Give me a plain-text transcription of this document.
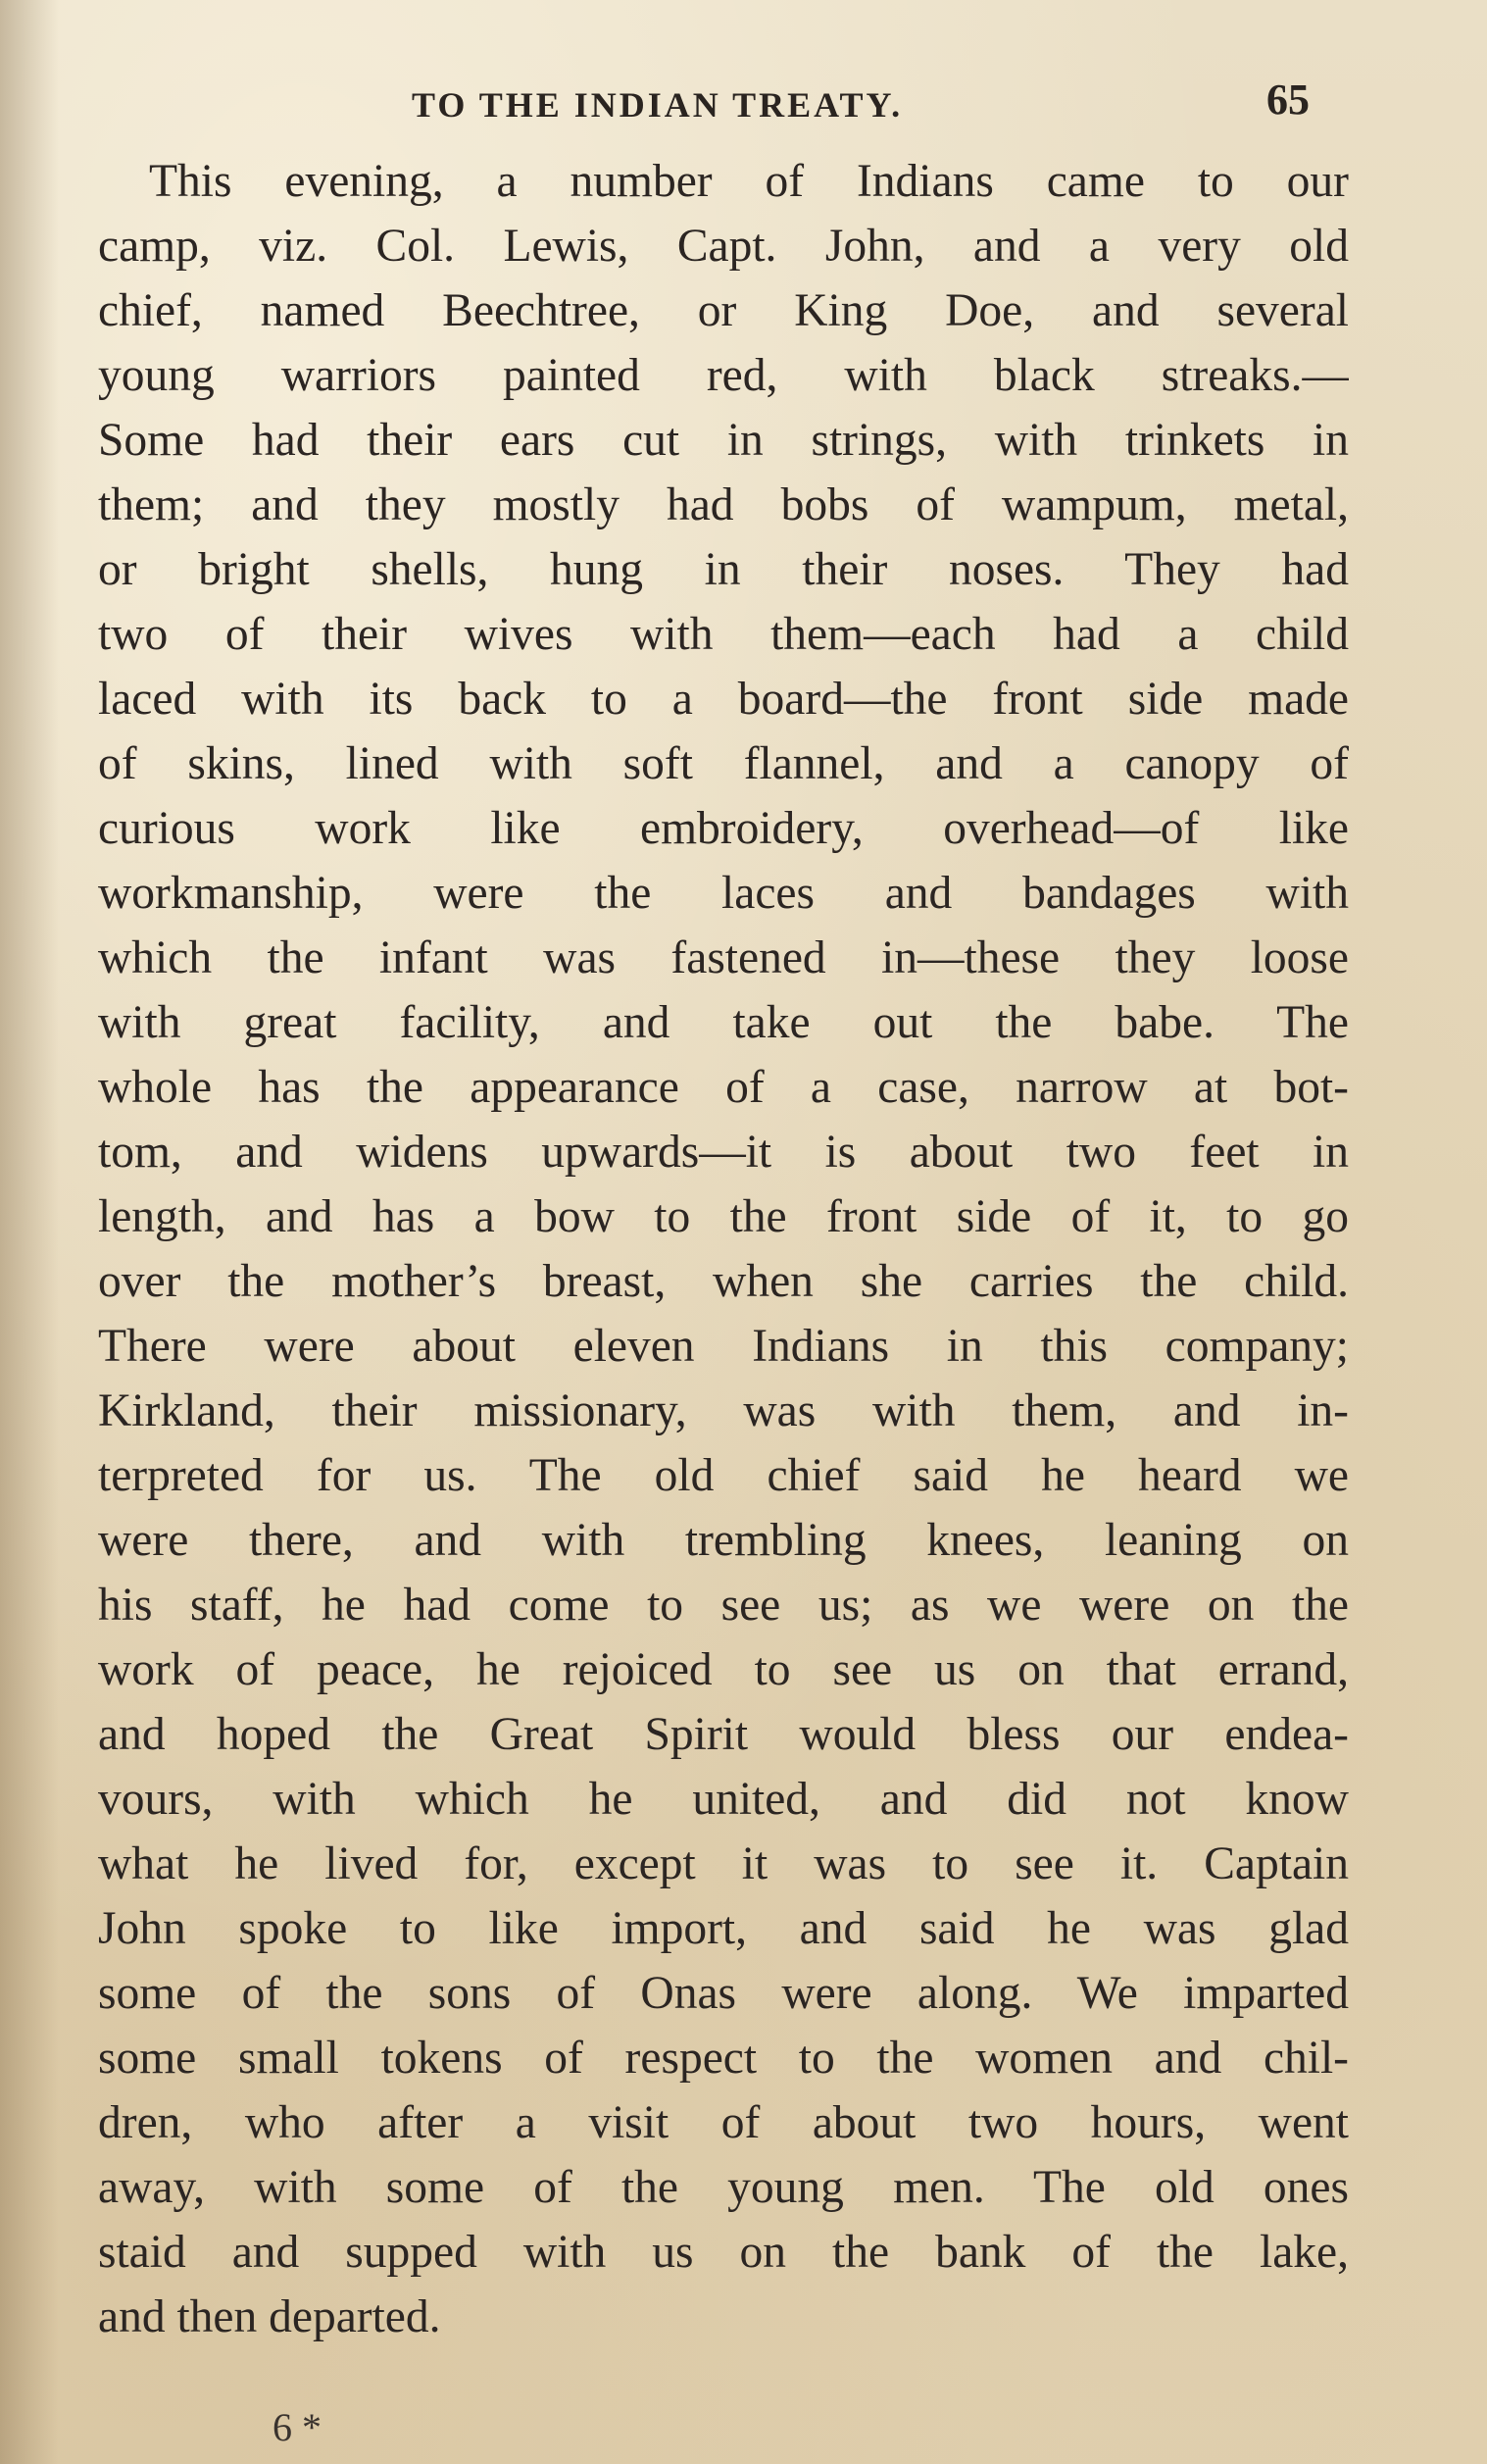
TO THE INDIAN TREATY.	65
This evening, a number of Indians came to our
camp, viz. Col. Lewis, Capt. John, and a very old
chief, named Beechtree, or King Doe, and several
young warriors painted red, with black streaks.—
Some had their ears cut in strings, with trinkets in
them; and they mostly had bobs of wampum, metal,
or bright shells, hung in their noses. They had
two of their wives with them—each had a child
laced with its back to a board—the front side made
of skins, lined with soft flannel, and a canopy of
curious work like embroidery, overhead—of like
workmanship, were the laces and bandages with
which the infant was fastened in—these they loose
with great facility, and take out the babe. The
whole has the appearance of a case, narrow at bot-
tom, and widens upwards—it is about two feet in
length, and has a bow to the front side of it, to go
over the mother’s breast, when she carries the child.
There were about eleven Indians in this company;
Kirkland, their missionary, was with them, and in-
terpreted for us. The old chief said he heard we
were there, and with trembling knees, leaning on
his staff, he had come to see us; as we were on the
work of peace, he rejoiced to see us on that errand,
and hoped the Great Spirit would bless our endea-
vours, with which he united, and did not know
what he lived for, except it was to see it. Captain
John spoke to like import, and said he was glad
some of the sons of Onas were along. We imparted
some small tokens of respect to the women and chil-
dren, who after a visit of about two hours, went
away, with some of the young men. The old ones
staid and supped with us on the bank of the lake,
and then departed.
6 *
